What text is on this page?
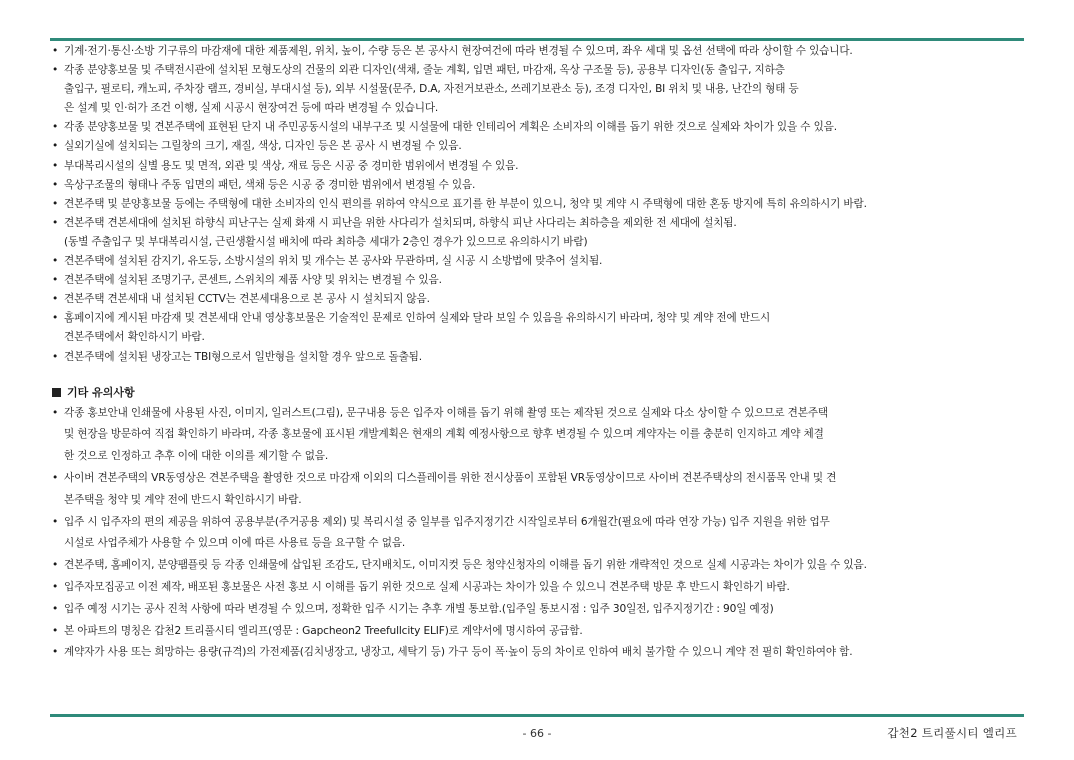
• 기계·전기·통신·소방 기구류의 마감재에 대한 제품제원, 위치, 높이, 수량 등은 본 공사시 현장여건에 따라 변경될 수 있으며, 좌우 세대 및 옵션 선택에 따라 상이할 수 있습니다.
• 각종 분양홍보물 및 주택전시관에 설치된 모형도상의 건물의 외관 디자인(색채, 줄눈 계획, 입면 패턴, 마감재, 옥상 구조물 등), 공용부 디자인(동 출입구, 지하층
출입구, 필로티, 캐노피, 주차장 램프, 경비실, 부대시설 등), 외부 시설물(문주, D.A, 자전거보관소, 쓰레기보관소 등), 조경 디자인, BI 위치 및 내용, 난간의 형태 등
은 설계 및 인·허가 조건 이행, 실제 시공시 현장여건 등에 따라 변경될 수 있습니다.
• 각종 분양홍보물 및 견본주택에 표현된 단지 내 주민공동시설의 내부구조 및 시설물에 대한 인테리어 계획은 소비자의 이해를 돕기 위한 것으로 실제와 차이가 있을 수 있음.
• 실외기실에 설치되는 그릴창의 크기, 재질, 색상, 디자인 등은 본 공사 시 변경될 수 있음.
• 부대복리시설의 실별 용도 및 면적, 외관 및 색상, 재료 등은 시공 중 경미한 범위에서 변경될 수 있음.
• 옥상구조물의 형태나 주동 입면의 패턴, 색채 등은 시공 중 경미한 범위에서 변경될 수 있음.
• 견본주택 및 분양홍보물 등에는 주택형에 대한 소비자의 인식 편의를 위하여 약식으로 표기를 한 부분이 있으니, 청약 및 계약 시 주택형에 대한 혼동 방지에 특히 유의하시기 바람.
• 견본주택 견본세대에 설치된 하향식 피난구는 실제 화재 시 피난을 위한 사다리가 설치되며, 하향식 피난 사다리는 최하층을 제외한 전 세대에 설치됨.
(동별 주출입구 및 부대복리시설, 근린생활시설 배치에 따라 최하층 세대가 2층인 경우가 있으므로 유의하시기 바람)
• 견본주택에 설치된 감지기, 유도등, 소방시설의 위치 및 개수는 본 공사와 무관하며, 실 시공 시 소방법에 맞추어 설치됨.
• 견본주택에 설치된 조명기구, 콘센트, 스위치의 제품 사양 및 위치는 변경될 수 있음.
• 견본주택 견본세대 내 설치된 CCTV는 견본세대용으로 본 공사 시 설치되지 않음.
• 홈페이지에 게시된 마감재 및 견본세대 안내 영상홍보물은 기술적인 문제로 인하여 실제와 달라 보일 수 있음을 유의하시기 바라며, 청약 및 계약 전에 반드시
견본주택에서 확인하시기 바람.
• 견본주택에 설치된 냉장고는 TBI형으로서 일반형을 설치할 경우 앞으로 돌출됨.
기타 유의사항
• 각종 홍보안내 인쇄물에 사용된 사진, 이미지, 일러스트(그림), 문구내용 등은 입주자 이해를 돕기 위해 촬영 또는 제작된 것으로 실제와 다소 상이할 수 있으므로 견본주택
및 현장을 방문하여 직접 확인하기 바라며, 각종 홍보물에 표시된 개발계획은 현재의 계획 예정사항으로 향후 변경될 수 있으며 계약자는 이를 충분히 인지하고 계약 체결
한 것으로 인정하고 추후 이에 대한 이의를 제기할 수 없음.
• 사이버 견본주택의 VR동영상은 견본주택을 촬영한 것으로 마감재 이외의 디스플레이를 위한 전시상품이 포함된 VR동영상이므로 사이버 견본주택상의 전시품목 안내 및 견
본주택을 청약 및 계약 전에 반드시 확인하시기 바람.
• 입주 시 입주자의 편의 제공을 위하여 공용부분(주거공용 제외) 및 복리시설 중 일부를 입주지정기간 시작일로부터 6개월간(필요에 따라 연장 가능) 입주 지원을 위한 업무
시설로 사업주체가 사용할 수 있으며 이에 따른 사용료 등을 요구할 수 없음.
• 견본주택, 홈페이지, 분양팸플릿 등 각종 인쇄물에 삽입된 조감도, 단지배치도, 이미지컷 등은 청약신청자의 이해를 돕기 위한 개략적인 것으로 실제 시공과는 차이가 있을 수 있음.
• 입주자모집공고 이전 제작, 배포된 홍보물은 사전 홍보 시 이해를 돕기 위한 것으로 실제 시공과는 차이가 있을 수 있으니 견본주택 방문 후 반드시 확인하기 바람.
• 입주 예정 시기는 공사 진척 사항에 따라 변경될 수 있으며, 정확한 입주 시기는 추후 개별 통보함.(입주일 통보시점 : 입주 30일전, 입주지정기간 : 90일 예정)
• 본 아파트의 명칭은 갑천2 트리풀시티 엘리프(영문 : Gapcheon2 Treefullcity ELIF)로 계약서에 명시하여 공급함.
• 계약자가 사용 또는 희망하는 용량(규격)의 가전제품(김치냉장고, 냉장고, 세탁기 등) 가구 등이 폭·높이 등의 차이로 인하여 배치 불가할 수 있으니 계약 전 필히 확인하여야 함.
- 66 -	갑천2 트리풀시티 엘리프
